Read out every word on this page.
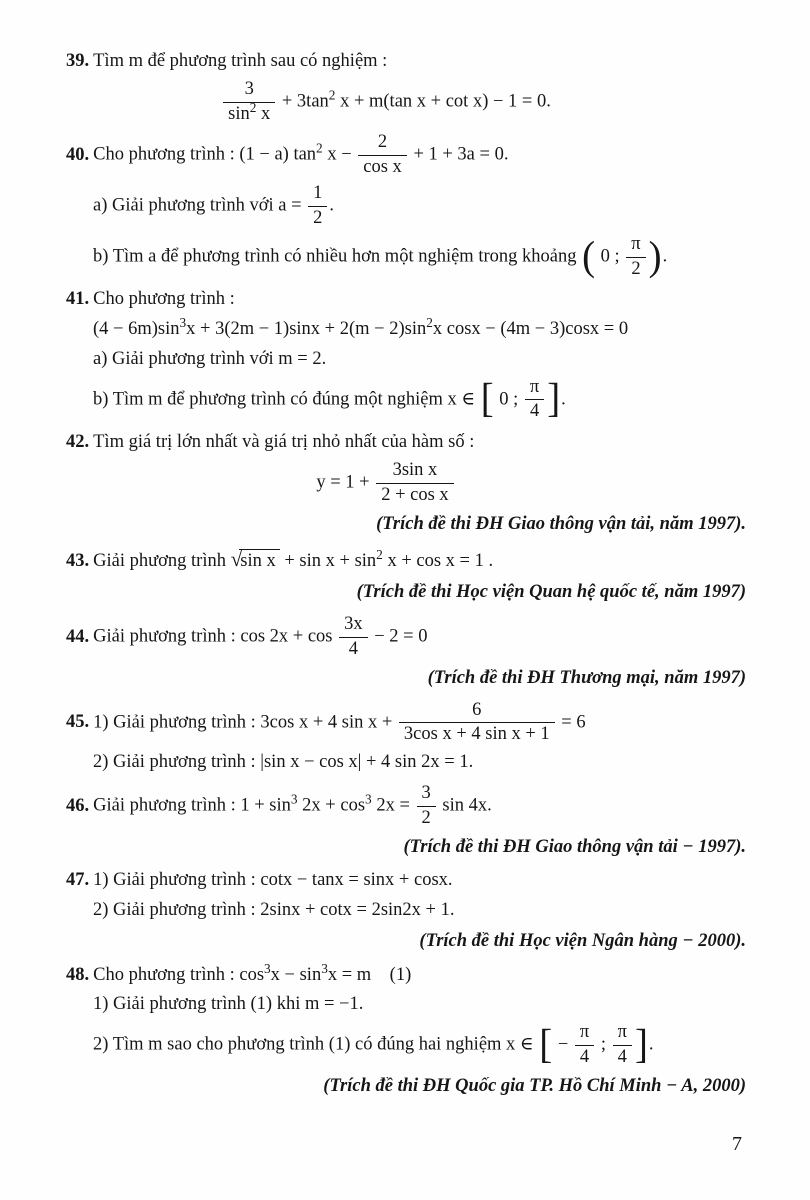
39. Tìm m để phương trình sau có nghiệm :
$\frac{3}{\sin^2 x} + 3\tan^2$ x + m(tan x + cot x) − 1 = 0.
40. Cho phương trình : (1 − a) $\tan^2 x - \frac{2}{\text{cos x}} + 1 + 3a = 0$.
a) Giải phương trình với $a = \frac{1}{2}$ .
b) Tìm a để phương trình có nhiều hơn một nghiệm trong khoảng ( 0 ; $\frac{\pi}{2}$ ).
41. Cho phương trình :
$(4 - 6m)\sin^3x + 3(2m - 1)\sin x + 2(m - 2)\sin^2x$ cosx − (4m − 3)cosx = 0
a) Giải phương trình với m = 2.
b) Tìm m để phương trình có đúng một nghiệm x ∈ [ 0 ; $\frac{\pi}{4}$ ].
42. Tìm giá trị lớn nhất và giá trị nhỏ nhất của hàm số :
$y = 1 + \frac{\text{3sin x}}{\text{2 + cos x}}$
(Trích đề thi ĐH Giao thông vận tải, năm 1997).
43. Giải phương trình √sin $x + \sin x + \sin^2 x + \cos x = 1$ .
(Trích đề thi Học viện Quan hệ quốc tế, năm 1997)
44. Giải phương trình : $\cos 2x + \cos \frac{3x}{4} - 2 = 0$
(Trích đề thi ĐH Thương mại, năm 1997)
45. 1) Giải phương trình : 3cos x + 4 $\sin x + \frac{6}{\text{3cos x + 4 sin x + 1}} = 6$
2) Giải phương trình : |sin x − cos x| + 4 sin 2x = 1.
46. Giải phương trình : $1 + \sin^3 2x + \cos^3 2x = \frac{3}{2}$ sin 4x.
(Trích đề thi ĐH Giao thông vận tải − 1997).
47. 1) Giải phương trình : cotx − tanx = sinx + cosx.
2) Giải phương trình : 2sinx + cotx = 2sin2x + 1.
(Trích đề thi Học viện Ngân hàng − 2000).
48. Cho phương trình : $\cos^3x - \sin^3x = m$    (1)
1) Giải phương trình (1) khi m = −1.
2) Tìm m sao cho phương trình (1) có đúng hai nghiệm x ∈ [ − $\frac{\pi}{4}$ ; $\frac{\pi}{4}$ ].
(Trích đề thi ĐH Quốc gia TP. Hồ Chí Minh − A, 2000)
7
